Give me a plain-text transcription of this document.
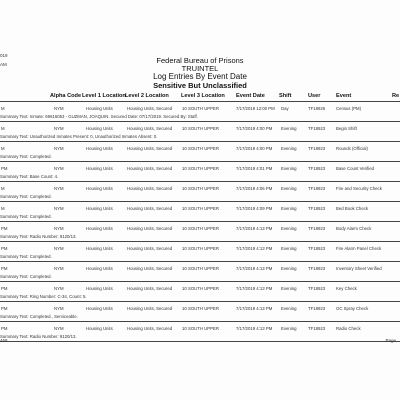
019
AM	Federal Bureau of Prisons
TRUINTEL
Log Entries By Event Date
Sensitive But Unclassified
Alpha Code Level 1 Location Level 2 Location Level 3 Location Event Date	Shift	User	Event	Re
M	NYM	Housing Units	Housing Units, Secured 10 SOUTH UPPER	7/17/2019 12:00 PM Day	TF18926	Census (PM)
Summary Text: Inmate: 69616053 - GUZMAN, JOAQUIN. Secured Date: 07/17/2019. Secured By: Staff.
M	NYM	Housing Units	Housing Units, Secured 10 SOUTH UPPER	7/17/2019 4:00 PM Evening	TF18923	Begin Shift
Summary Text: Unauthorized Inmates Present: 0, Unauthorized Inmates Absent: 0.
M	NYM	Housing Units	Housing Units, Secured 10 SOUTH UPPER	7/17/2019 4:00 PM Evening	TF18923	Rounds (Official)
Summary Text: Completed.
PM	NYM	Housing Units	Housing Units, Secured 10 SOUTH UPPER	7/17/2019 4:01 PM Evening	TF18923	Base Count Verified
Summary Text: Base Count: 4.
M	NYM	Housing Units	Housing Units, Secured 10 SOUTH UPPER	7/17/2019 4:06 PM Evening	TF18923	Fire and Security Check
Summary Text: Completed.
M	NYM	Housing Units	Housing Units, Secured 10 SOUTH UPPER	7/17/2019 4:09 PM Evening	TF18923	Bed Book Check
Summary Text: Completed.
PM	NYM	Housing Units	Housing Units, Secured 10 SOUTH UPPER	7/17/2019 4:13 PM Evening	TF18923	Body Alarm Check
Summary Text: Radio Number: 9120/13.
PM	NYM	Housing Units	Housing Units, Secured 10 SOUTH UPPER	7/17/2019 4:13 PM Evening	TF18923	Fire Alarm Panel Check
Summary Text: Completed.
PM	NYM	Housing Units	Housing Units, Secured 10 SOUTH UPPER	7/17/2019 4:13 PM Evening	TF18923	Inventory Sheet Verified
Summary Text: Completed.
PM	NYM	Housing Units	Housing Units, Secured 10 SOUTH UPPER	7/17/2019 4:13 PM Evening	TF18923	Key Check
Summary Text: Ring Number: C-34, Count: 5.
PM	NYM	Housing Units	Housing Units, Secured 10 SOUTH UPPER	7/17/2019 4:13 PM Evening	TF18923	OC Spray Check
Summary Text: Completed., Serviceable.
PM	NYM	Housing Units	Housing Units, Secured 10 SOUTH UPPER	7/17/2019 4:13 PM Evening	TF18923	Radio Check
Summary Text: Radio Number: 9120/13.
468	Page
